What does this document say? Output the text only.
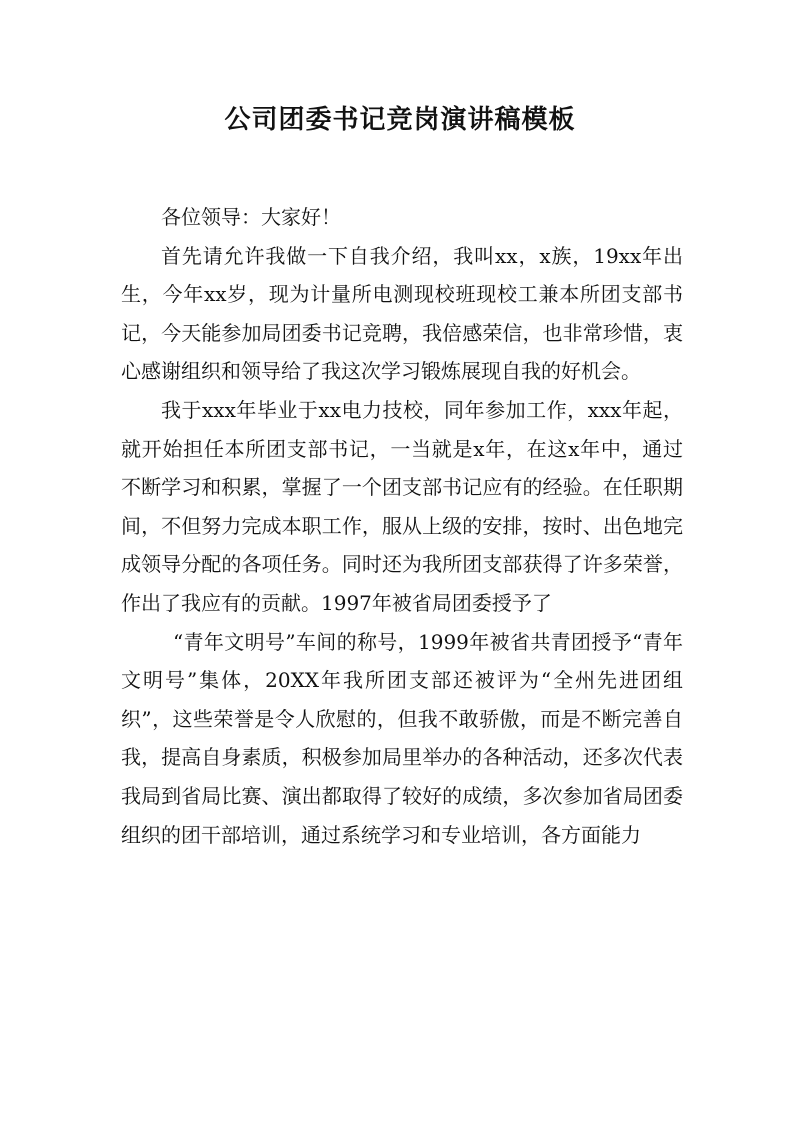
公司团委书记竞岗演讲稿模板

各位领导：大家好！

首先请允许我做一下自我介绍，我叫xx，x族，19xx年出生，今年xx岁，现为计量所电测现校班现校工兼本所团支部书记，今天能参加局团委书记竞聘，我倍感荣信，也非常珍惜，衷心感谢组织和领导给了我这次学习锻炼展现自我的好机会。

我于xxx年毕业于xx电力技校，同年参加工作，xxx年起，就开始担任本所团支部书记，一当就是x年，在这x年中，通过不断学习和积累，掌握了一个团支部书记应有的经验。在任职期间，不但努力完成本职工作，服从上级的安排，按时、出色地完成领导分配的各项任务。同时还为我所团支部获得了许多荣誉，作出了我应有的贡献。1997年被省局团委授予了

“青年文明号”车间的称号，1999年被省共青团授予“青年文明号”集体，20XX年我所团支部还被评为“全州先进团组织”，这些荣誉是令人欣慰的，但我不敢骄傲，而是不断完善自我，提高自身素质，积极参加局里举办的各种活动，还多次代表我局到省局比赛、演出都取得了较好的成绩，多次参加省局团委组织的团干部培训，通过系统学习和专业培训，各方面能力
